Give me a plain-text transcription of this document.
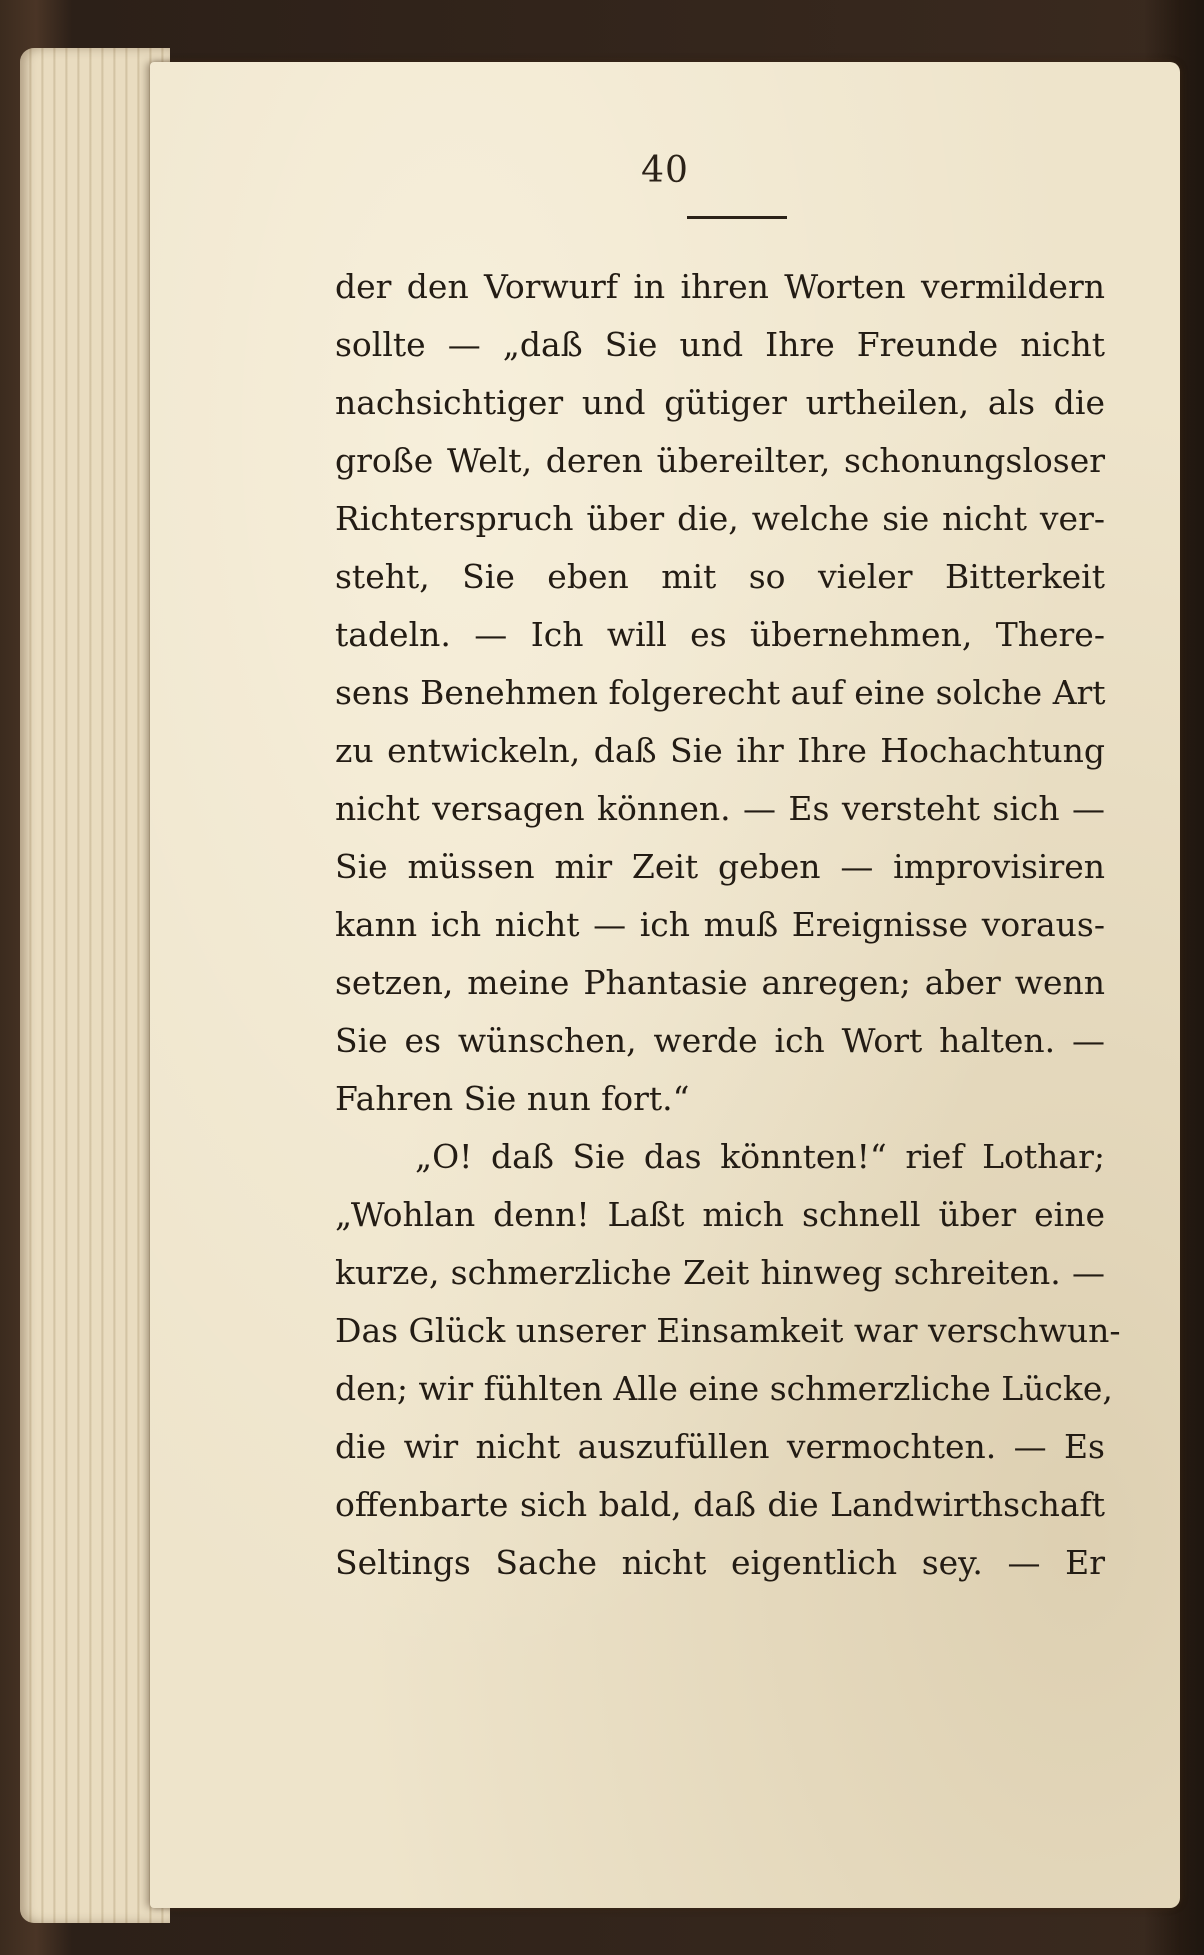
40
der den Vorwurf in ihren Worten vermildern
sollte — „daß Sie und Ihre Freunde nicht
nachsichtiger und gütiger urtheilen, als die
große Welt, deren übereilter, schonungsloser
Richterspruch über die, welche sie nicht ver-
steht, Sie eben mit so vieler Bitterkeit
tadeln. — Ich will es übernehmen, There-
sens Benehmen folgerecht auf eine solche Art
zu entwickeln, daß Sie ihr Ihre Hochachtung
nicht versagen können. — Es versteht sich —
Sie müssen mir Zeit geben — improvisiren
kann ich nicht — ich muß Ereignisse voraus-
setzen, meine Phantasie anregen; aber wenn
Sie es wünschen, werde ich Wort halten. —
Fahren Sie nun fort.“
„O! daß Sie das könnten!“ rief Lothar;
„Wohlan denn! Laßt mich schnell über eine
kurze, schmerzliche Zeit hinweg schreiten. —
Das Glück unserer Einsamkeit war verschwun-
den; wir fühlten Alle eine schmerzliche Lücke,
die wir nicht auszufüllen vermochten. — Es
offenbarte sich bald, daß die Landwirthschaft
Seltings Sache nicht eigentlich sey. — Er
